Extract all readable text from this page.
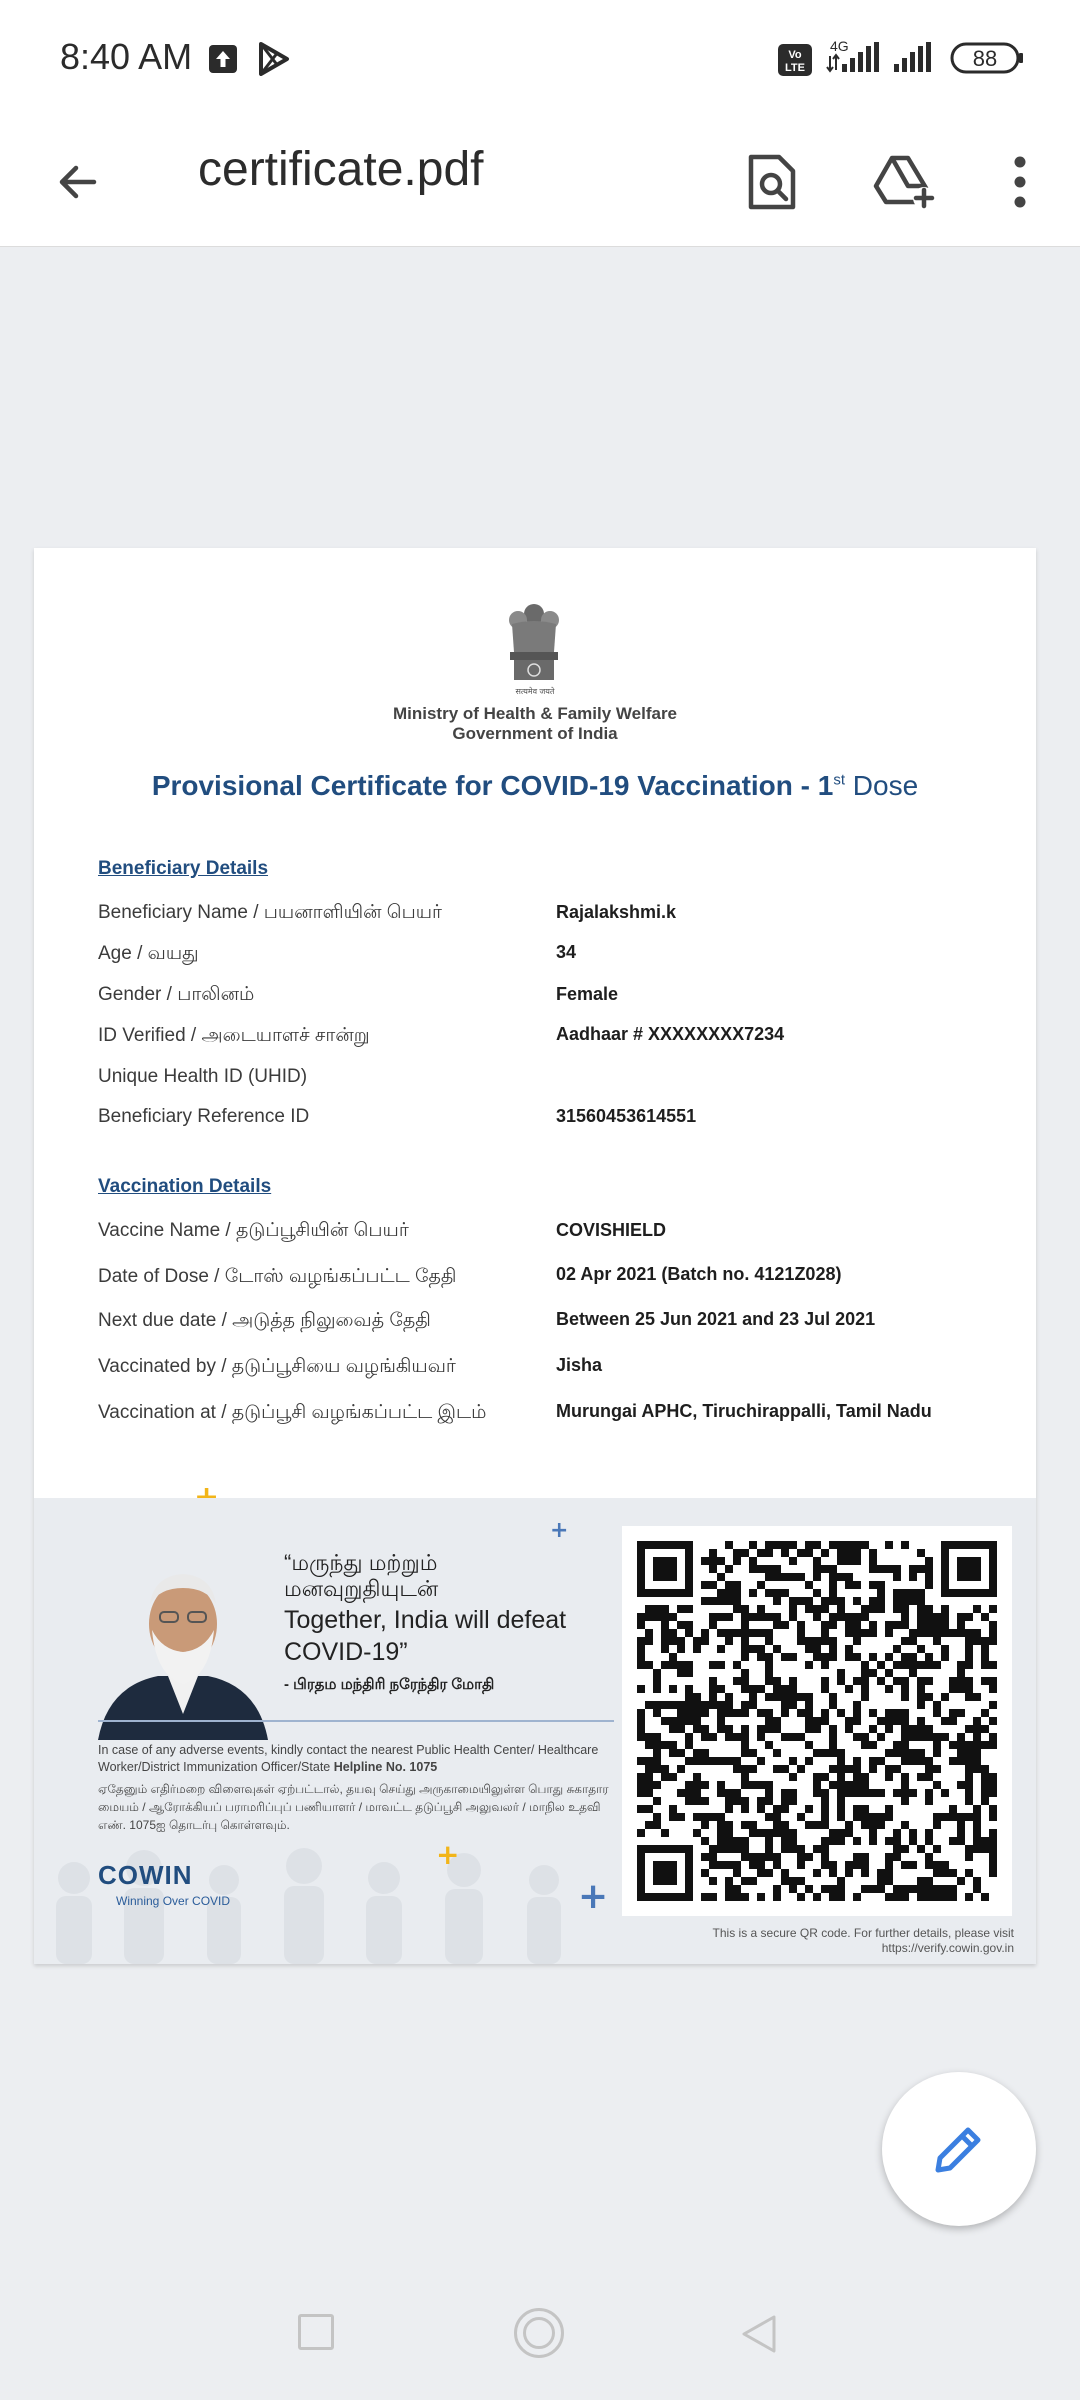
8:40 AM	Vo
LTE
4G	88
certificate.pdf
सत्यमेव जयते
Ministry of Health & Family Welfare
Government of India
Provisional Certificate for COVID-19 Vaccination - 1st Dose
Beneficiary Details
Beneficiary Name / பயனாளியின் பெயர்	Rajalakshmi.k
Age / வயது	34
Gender / பாலினம்	Female
ID Verified / அடையாளச் சான்று	Aadhaar # XXXXXXXX7234
Unique Health ID (UHID)
Beneficiary Reference ID	31560453614551
Vaccination Details
Vaccine Name / தடுப்பூசியின் பெயர்	COVISHIELD
Date of Dose / டோஸ் வழங்கப்பட்ட தேதி	02 Apr 2021 (Batch no. 4121Z028)
Next due date / அடுத்த நிலுவைத் தேதி	Between 25 Jun 2021 and 23 Jul 2021
Vaccinated by / தடுப்பூசியை வழங்கியவர்	Jisha
Vaccination at / தடுப்பூசி வழங்கப்பட்ட இடம்	Murungai APHC, Tiruchirappalli, Tamil Nadu
“மருந்து மற்றும் மனவுறுதியுடன்
Together, India will defeat COVID-19”
- பிரதம மந்திரி நரேந்திர மோதி
+
In case of any adverse events, kindly contact the nearest Public Health Center/ Healthcare Worker/District Immunization Officer/State Helpline No. 1075
ஏதேனும் எதிர்மறை விளைவுகள் ஏற்பட்டால், தயவு செய்து அருகாமையிலுள்ள பொது சுகாதார மையம் / ஆரோக்கியப் பராமரிப்புப் பணியாளர் / மாவட்ட தடுப்பூசி அலுவலர் / மாநில உதவி எண். 1075ஐ தொடர்பு கொள்ளவும்.
+
+
COWIN
Winning Over COVID
This is a secure QR code. For further details, please visit https://verify.cowin.gov.in
